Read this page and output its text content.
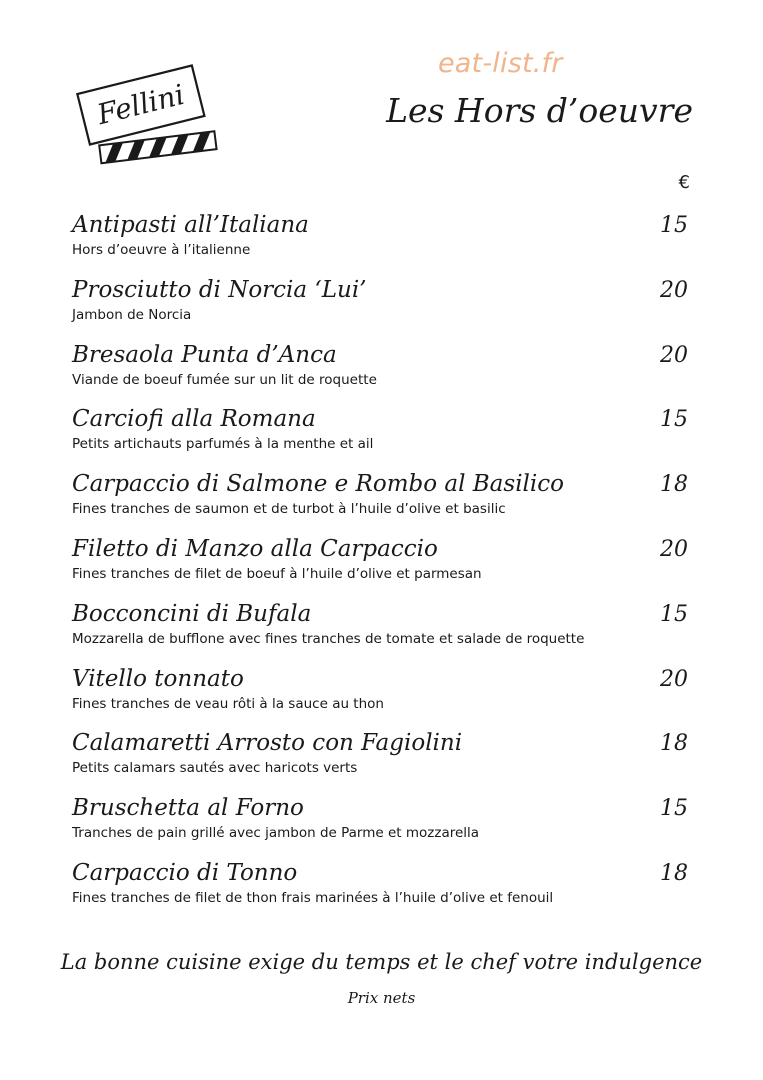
Fellini
eat-list.fr
Les Hors d’oeuvre
€
Antipasti all’Italiana
Hors d’oeuvre à l’italienne
15
Prosciutto di Norcia ‘Lui’
Jambon de Norcia
20
Bresaola Punta d’Anca
Viande de boeuf fumée sur un lit de roquette
20
Carciofi alla Romana
Petits artichauts parfumés à la menthe et ail
15
Carpaccio di Salmone e Rombo al Basilico
Fines tranches de saumon et de turbot à l’huile d’olive et basilic
18
Filetto di Manzo alla Carpaccio
Fines tranches de filet de boeuf à l’huile d’olive et parmesan
20
Bocconcini di Bufala
Mozzarella de bufflone avec fines tranches de tomate et salade de roquette
15
Vitello tonnato
Fines tranches de veau rôti à la sauce au thon
20
Calamaretti Arrosto con Fagiolini
Petits calamars sautés avec haricots verts
18
Bruschetta al Forno
Tranches de pain grillé avec jambon de Parme et mozzarella
15
Carpaccio di Tonno
Fines tranches de filet de thon frais marinées à l’huile d’olive et fenouil
18
La bonne cuisine exige du temps et le chef votre indulgence
Prix nets
